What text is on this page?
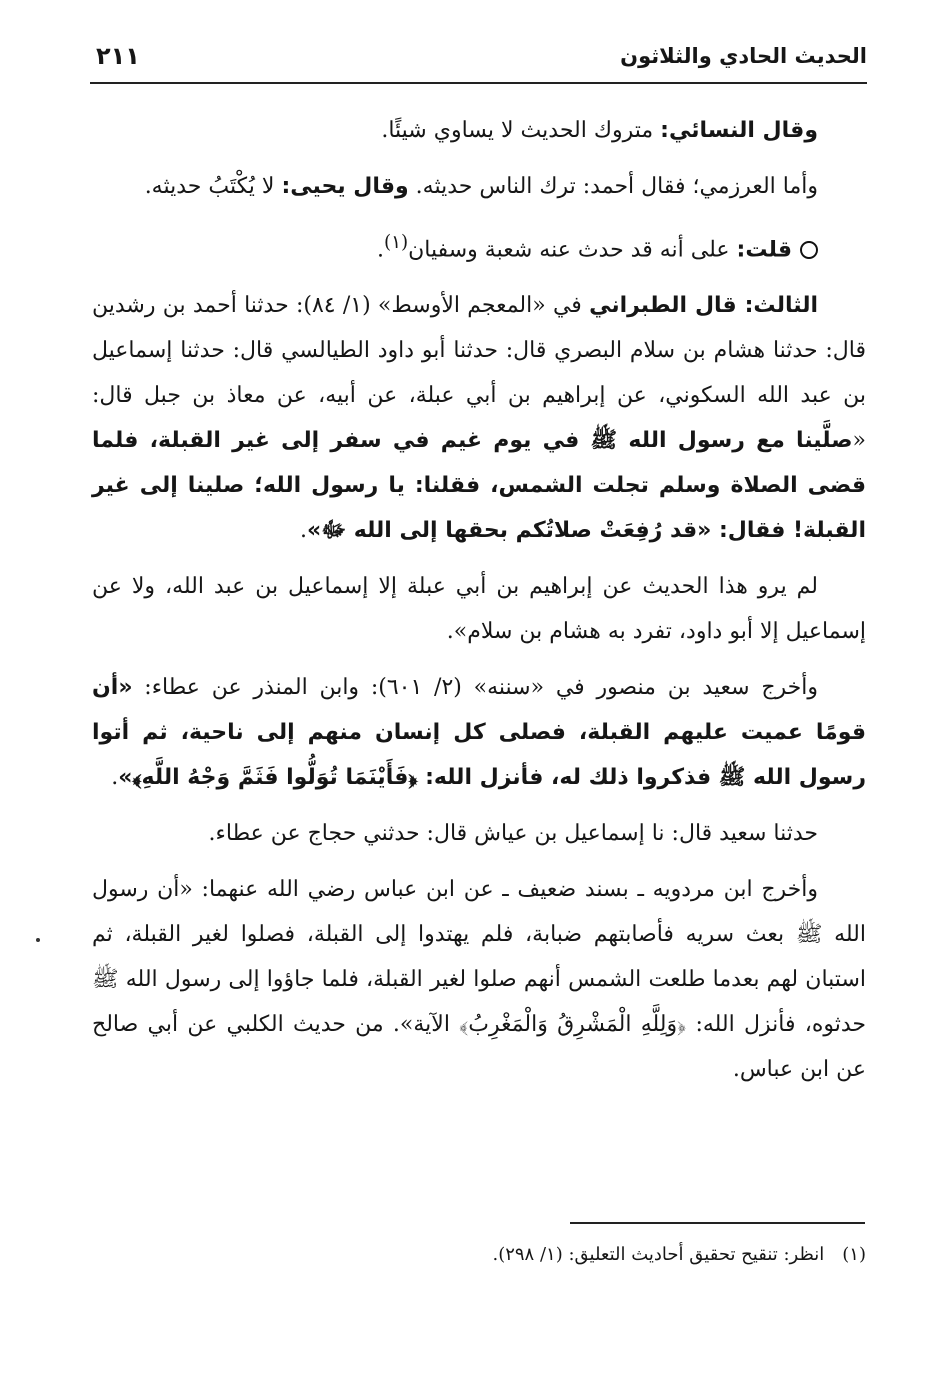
الحديث الحادي والثلاثون
٢١١

وقال النسائي: متروك الحديث لا يساوي شيئًا.

وأما العرزمي؛ فقال أحمد: ترك الناس حديثه. وقال يحيى: لا يُكْتَبُ حديثه.

قلت: على أنه قد حدث عنه شعبة وسفيان$^{(١)}$.

الثالث: قال الطبراني في «المعجم الأوسط» (١/ ٨٤): حدثنا أحمد بن رشدين قال: حدثنا هشام بن سلام البصري قال: حدثنا أبو داود الطيالسي قال: حدثنا إسماعيل بن عبد الله السكوني، عن إبراهيم بن أبي عبلة، عن أبيه، عن معاذ بن جبل قال: «صلَّينا مع رسول الله ﷺ في يوم غيم في سفر إلى غير القبلة، فلما قضى الصلاة وسلم تجلت الشمس، فقلنا: يا رسول الله؛ صلينا إلى غير القبلة! فقال: «قد رُفِعَتْ صلاتُكم بحقها إلى الله ﷻ».

لم يرو هذا الحديث عن إبراهيم بن أبي عبلة إلا إسماعيل بن عبد الله، ولا عن إسماعيل إلا أبو داود، تفرد به هشام بن سلام».

وأخرج سعيد بن منصور في «سننه» (٢/ ٦٠١): وابن المنذر عن عطاء: «أن قومًا عميت عليهم القبلة، فصلى كل إنسان منهم إلى ناحية، ثم أتوا رسول الله ﷺ فذكروا ذلك له، فأنزل الله: ﴿فَأَيْنَمَا تُوَلُّوا فَثَمَّ وَجْهُ اللَّهِ﴾».

حدثنا سعيد قال: نا إسماعيل بن عياش قال: حدثني حجاج عن عطاء.

وأخرج ابن مردويه ـ بسند ضعيف ـ عن ابن عباس رضي الله عنهما: «أن رسول الله ﷺ بعث سريه فأصابتهم ضبابة، فلم يهتدوا إلى القبلة، فصلوا لغير القبلة، ثم استبان لهم بعدما طلعت الشمس أنهم صلوا لغير القبلة، فلما جاؤوا إلى رسول الله ﷺ حدثوه، فأنزل الله: ﴿وَلِلَّهِ الْمَشْرِقُ وَالْمَغْرِبُ﴾ الآية». من حديث الكلبي عن أبي صالح عن ابن عباس.

(١)انظر: تنقيح تحقيق أحاديث التعليق: (١/ ٢٩٨).
